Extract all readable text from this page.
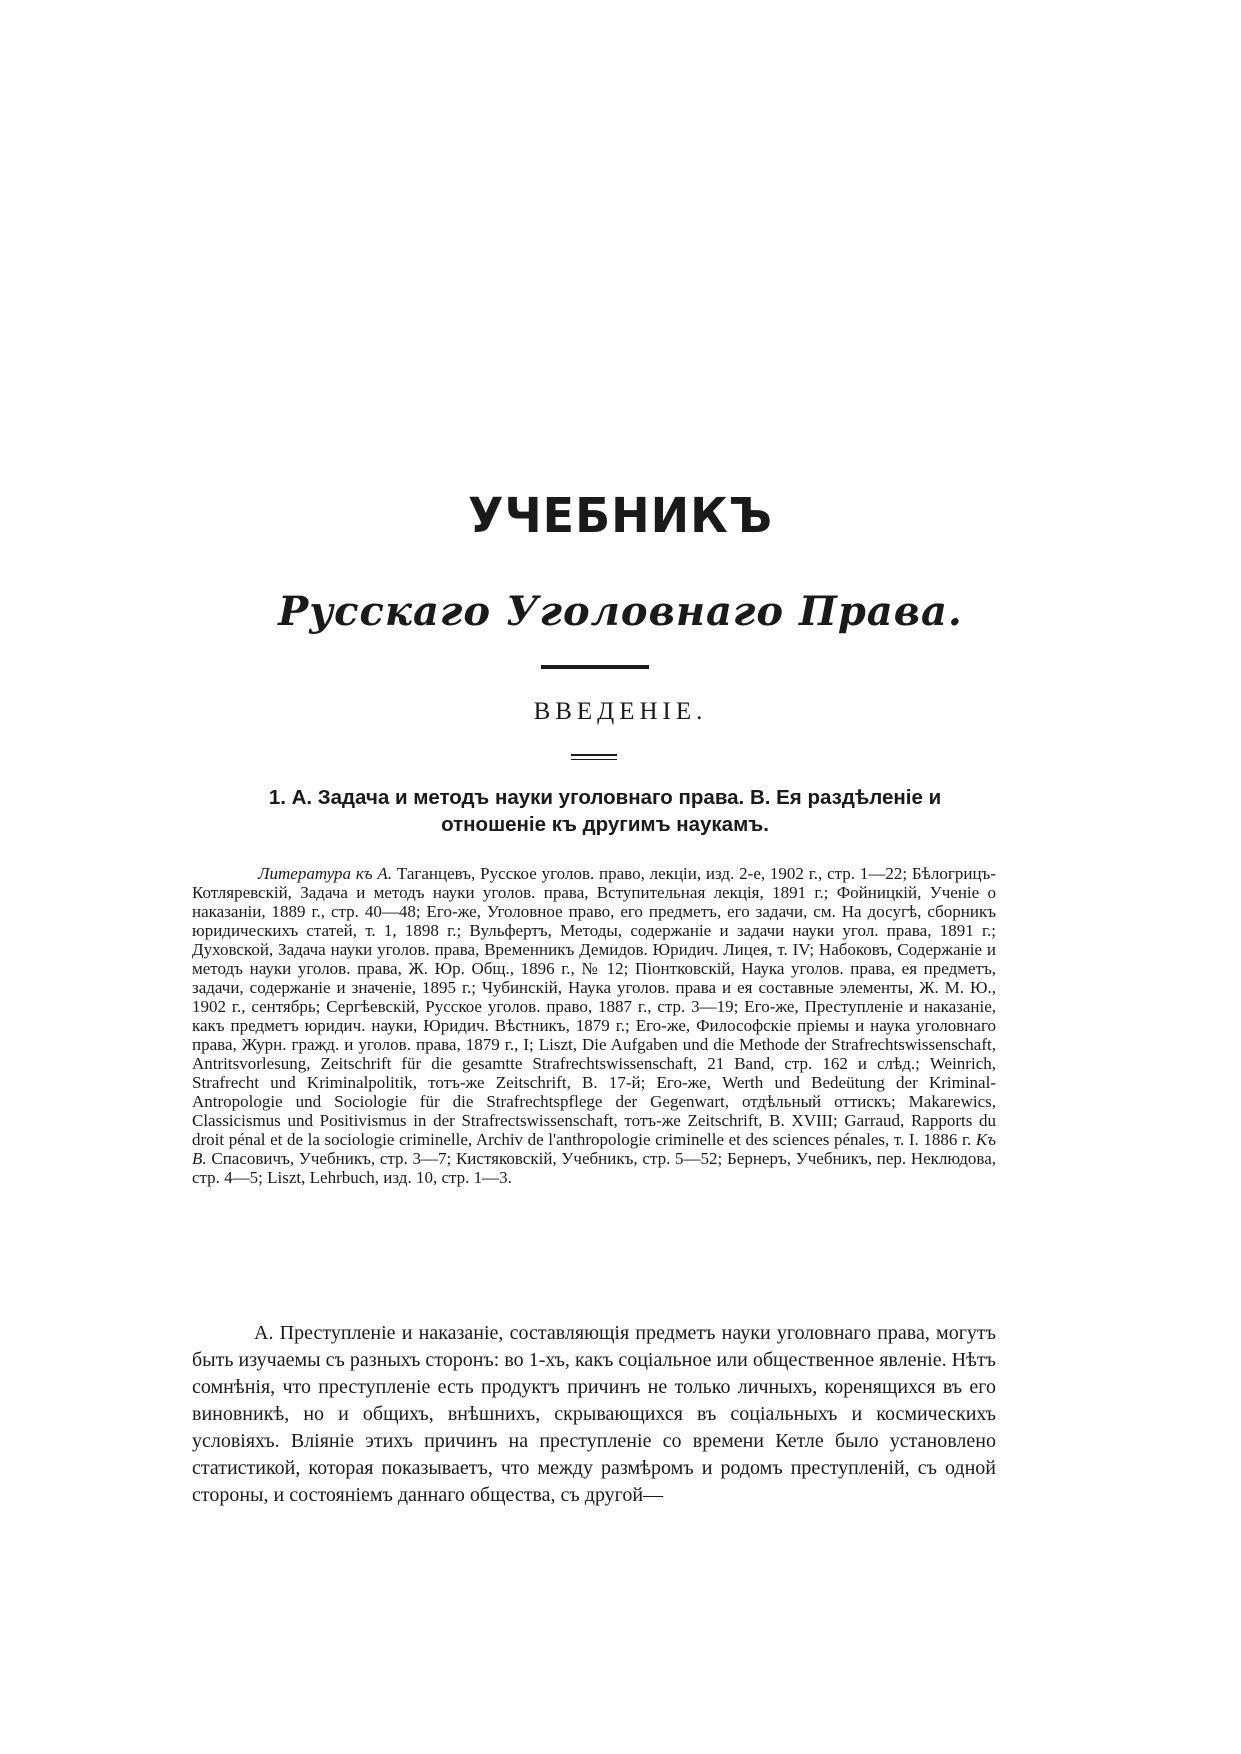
УЧЕБНИКЪ
Русскаго Уголовнаго Права.
ВВЕДЕНІЕ.
1. А. Задача и методъ науки уголовнаго права. В. Ея раздѣленіе и отношеніе къ другимъ наукамъ.

Литература къ А. Таганцевъ, Русское уголов. право, лекціи, изд. 2-е, 1902 г., стр. 1—22; Бѣлогрицъ-Котляревскій, Задача и методъ науки уголов. права, Вступительная лекція, 1891 г.; Фойницкій, Ученіе о наказаніи, 1889 г., стр. 40—48; Его-же, Уголовное право, его предметъ, его задачи, см. На досугѣ, сборникъ юридическихъ статей, т. 1, 1898 г.; Вульфертъ, Методы, содержаніе и задачи науки угол. права, 1891 г.; Духовской, Задача науки уголов. права, Временникъ Демидов. Юридич. Лицея, т. IV; Набоковъ, Содержаніе и методъ науки уголов. права, Ж. Юр. Общ., 1896 г., № 12; Піонтковскій, Наука уголов. права, ея предметъ, задачи, содержаніе и значеніе, 1895 г.; Чубинскій, Наука уголов. права и ея составные элементы, Ж. М. Ю., 1902 г., сентябрь; Сергѣевскій, Русское уголов. право, 1887 г., стр. 3—19; Его-же, Преступленіе и наказаніе, какъ предметъ юридич. науки, Юридич. Вѣстникъ, 1879 г.; Его-же, Философскіе пріемы и наука уголовнаго права, Журн. гражд. и уголов. права, 1879 г., I; Liszt, Die Aufgaben und die Methode der Strafrechtswissenschaft, Antritsvorlesung, Zeitschrift für die gesamtte Strafrechtswissenschaft, 21 Band, стр. 162 и слѣд.; Weinrich, Strafrecht und Kriminalpolitik, тотъ-же Zeitschrift, B. 17-й; Его-же, Werth und Bedeütung der Kriminal-Antropologie und Sociologie für die Strafrechtspflege der Gegenwart, отдѣльный оттискъ; Makarewics, Classicismus und Positivismus in der Strafrectswissenschaft, тотъ-же Zeitschrift, B. XVIII; Garraud, Rapports du droit pénal et de la sociologie criminelle, Archiv de l'anthropologie criminelle et des sciences pénales, т. I. 1886 г. Къ В. Спасовичъ, Учебникъ, стр. 3—7; Кистяковскій, Учебникъ, стр. 5—52; Бернеръ, Учебникъ, пер. Неклюдова, стр. 4—5; Liszt, Lehrbuch, изд. 10, стр. 1—3.

А. Преступленіе и наказаніе, составляющія предметъ науки уголовнаго права, могутъ быть изучаемы съ разныхъ сторонъ: во 1-хъ, какъ соціальное или общественное явленіе. Нѣтъ сомнѣнія, что преступленіе есть продуктъ причинъ не только личныхъ, коренящихся въ его виновникѣ, но и общихъ, внѣшнихъ, скрывающихся въ соціальныхъ и космическихъ условіяхъ. Вліяніе этихъ причинъ на преступленіе со времени Кетле было установлено статистикой, которая показываетъ, что между размѣромъ и родомъ преступленій, съ одной стороны, и состояніемъ даннаго общества, съ другой—
